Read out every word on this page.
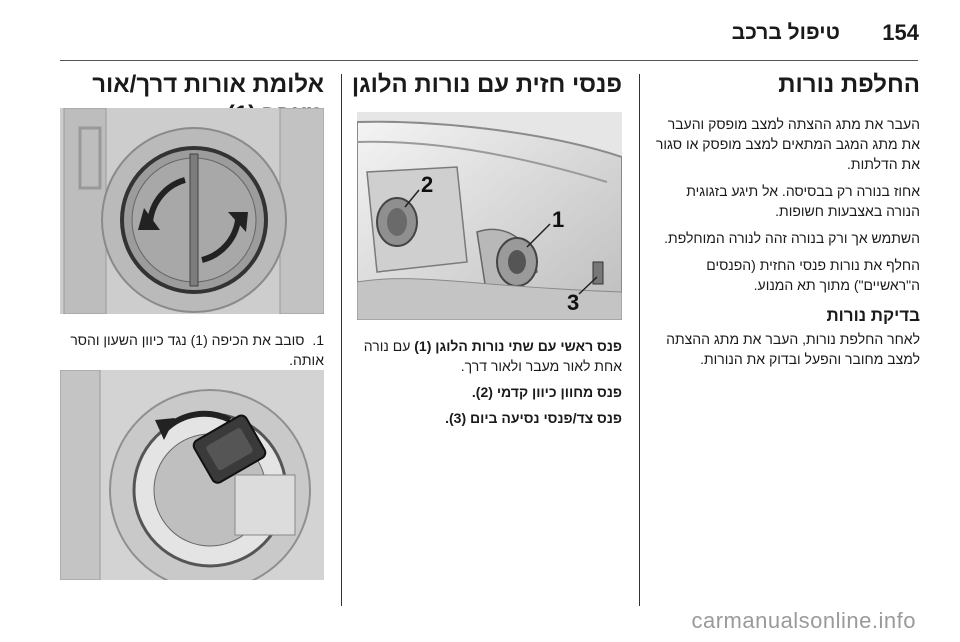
154
טיפול ברכב
החלפת נורות

העבר את מתג ההצתה למצב מופסק והעבר את מתג המגב המתאים למצב מופסק או סגור את הדלתות.

אחוז בנורה רק בבסיסה. אל תיגע בזגוגית הנורה באצבעות חשופות.

השתמש אך ורק בנורה זהה לנורה המוחלפת.

החלף את נורות פנסי החזית (הפנסים ה"ראשיים") מתוך תא המנוע.

בדיקת נורות

לאחר החלפת נורות, העבר את מתג ההצתה למצב מחובר והפעל ובדוק את הנורות.

פנסי חזית עם נורות הלוגן
2
1
3

פנס ראשי עם שתי נורות הלוגן (1) עם נורה אחת לאור מעבר ולאור דרך.

פנס מחוון כיוון קדמי (2).

פנס צד/פנסי נסיעה ביום (3).

אלומת אורות דרך/אור
1. סובב את הכיפה (1) נגד כיוון השעון והסר אותה.
carmanualsonline.info
